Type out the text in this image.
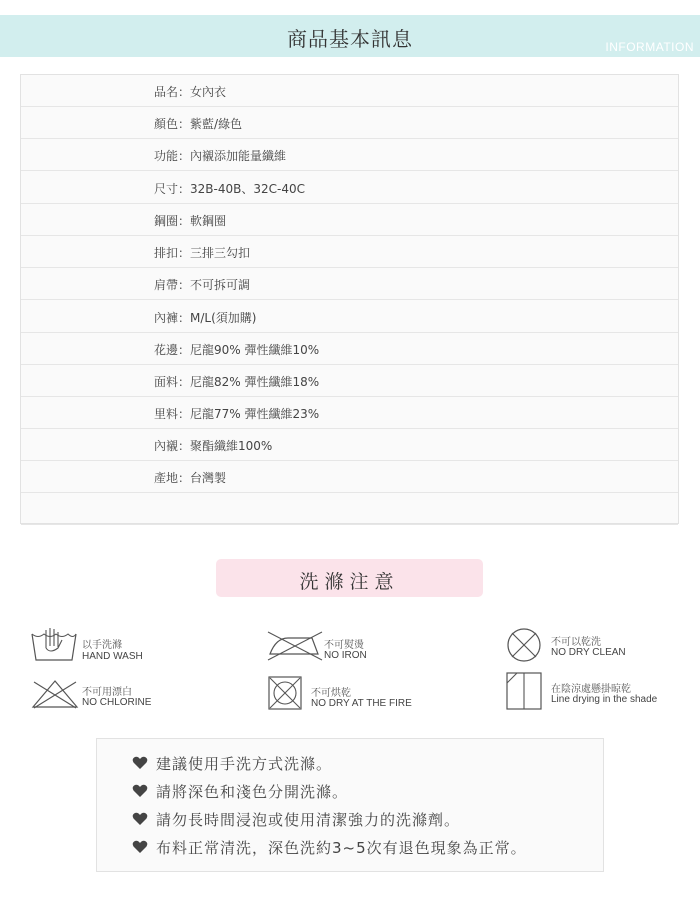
商品基本訊息	INFORMATION
品名：女內衣
顏色：紫藍/綠色
功能：內襯添加能量纖維
尺寸：32B-40B、32C-40C
鋼圈：軟鋼圈
排扣：三排三勾扣
肩帶：不可拆可調
內褲：M/L(須加購)
花邊：尼龍90% 彈性纖維10%
面料：尼龍82% 彈性纖維18%
里料：尼龍77% 彈性纖維23%
內襯：聚酯纖維100%
產地：台灣製
洗滌注意
以手洗滌
HAND WASH
不可熨燙
NO IRON
不可以乾洗
NO DRY CLEAN
不可用漂白
NO CHLORINE
不可烘乾
NO DRY AT THE FIRE
在陰涼處懸掛晾乾
Line drying in the shade
建議使用手洗方式洗滌。
請將深色和淺色分開洗滌。
請勿長時間浸泡或使用清潔強力的洗滌劑。
布料正常清洗，深色洗約3~5次有退色現象為正常。
